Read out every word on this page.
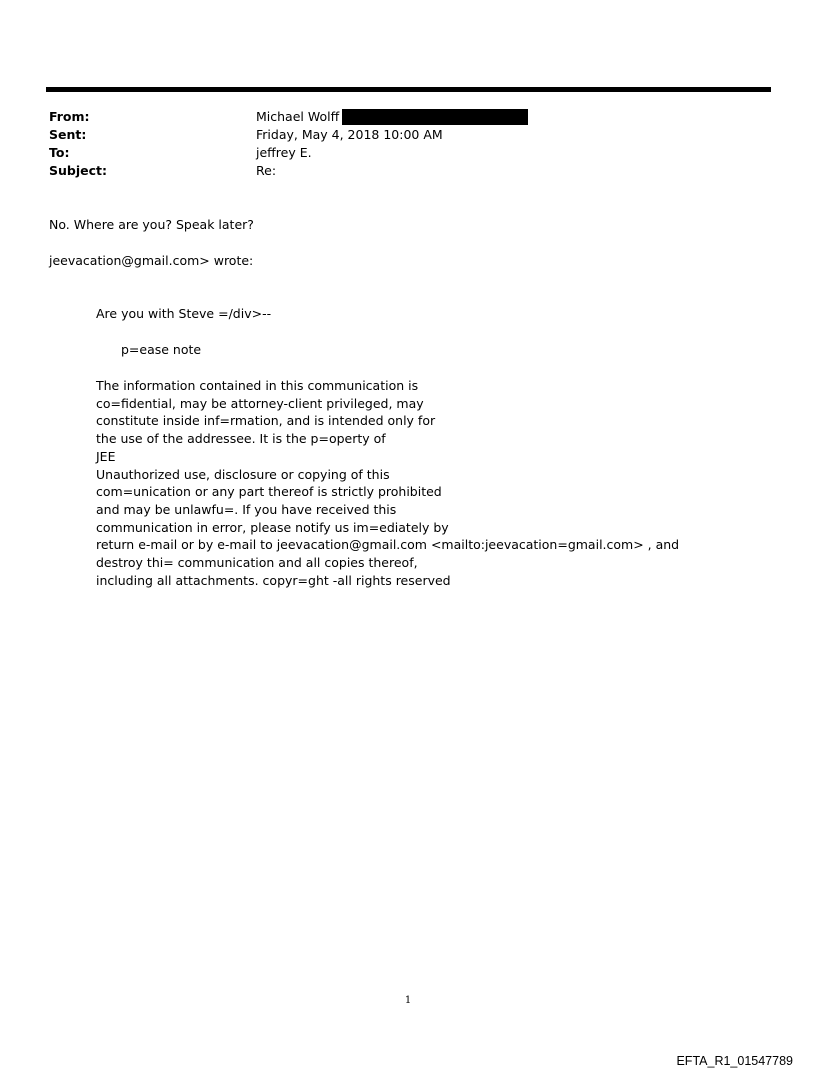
From:	Michael Wolff
Sent:	Friday, May 4, 2018 10:00 AM
To:	jeffrey E.
Subject:	Re:
No. Where are you? Speak later?
jeevacation@gmail.com> wrote:
Are you with Steve =/div>--
p=ease note
The information contained in this communication is
co=fidential, may be attorney-client privileged, may
constitute inside inf=rmation, and is intended only for
the use of the addressee. It is the p=operty of
JEE
Unauthorized use, disclosure or copying of this
com=unication or any part thereof is strictly prohibited
and may be unlawfu=. If you have received this
communication in error, please notify us im=ediately by
return e-mail or by e-mail to jeevacation@gmail.com <mailto:jeevacation=gmail.com> , and
destroy thi= communication and all copies thereof,
including all attachments. copyr=ght -all rights reserved
1
EFTA_R1_01547789
